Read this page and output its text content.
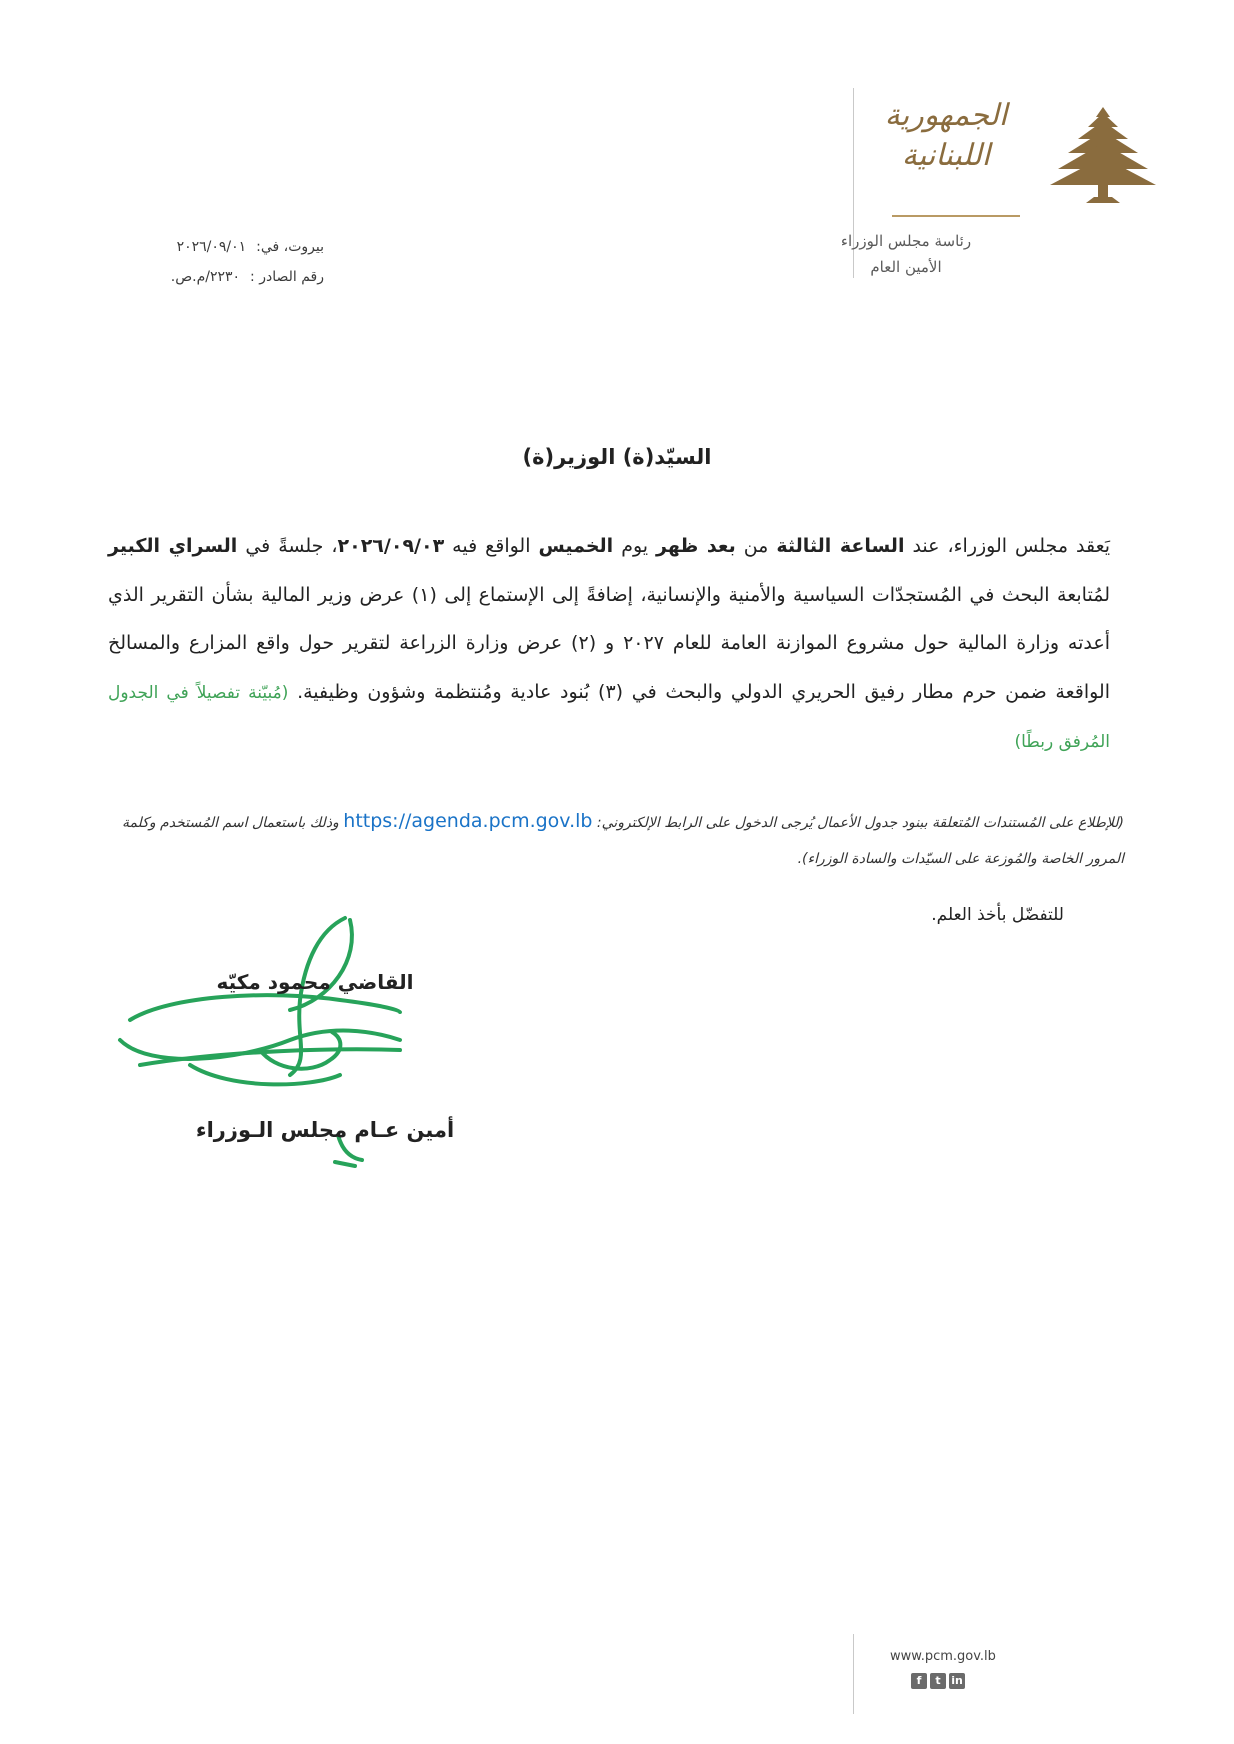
الجمهورية
اللبنانية
رئاسة مجلس الوزراء
الأمين العام
بيروت، في:
٢٠٢٦/٠٩/٠١
رقم الصادر :
٢٢٣٠/م.ص.
السيّد(ة) الوزير(ة)
يَعقد مجلس الوزراء، عند الساعة الثالثة من بعد ظهر يوم الخميس الواقع فيه ٢٠٢٦/٠٩/٠٣، جلسةً في السراي الكبير لمُتابعة البحث في المُستجدّات السياسية والأمنية والإنسانية، إضافةً إلى الإستماع إلى (١) عرض وزير المالية بشأن التقرير الذي أعدته وزارة المالية حول مشروع الموازنة العامة للعام ٢٠٢٧ و (٢) عرض وزارة الزراعة لتقرير حول واقع المزارع والمسالخ الواقعة ضمن حرم مطار رفيق الحريري الدولي والبحث في (٣) بُنود عادية ومُنتظمة وشؤون وظيفية. (مُبيّنة تفصيلاً في الجدول المُرفق ربطًا)
(للإطلاع على المُستندات المُتعلقة ببنود جدول الأعمال يُرجى الدخول على الرابط الإلكتروني: https://agenda.pcm.gov.lb وذلك باستعمال اسم المُستخدم وكلمة المرور الخاصة والمُوزعة على السيّدات والسادة الوزراء).
للتفضّل بأخذ العلم.
القاضي محمود مكيّه
أمين عـام مجلس الـوزراء
www.pcm.gov.lb
f	t in
